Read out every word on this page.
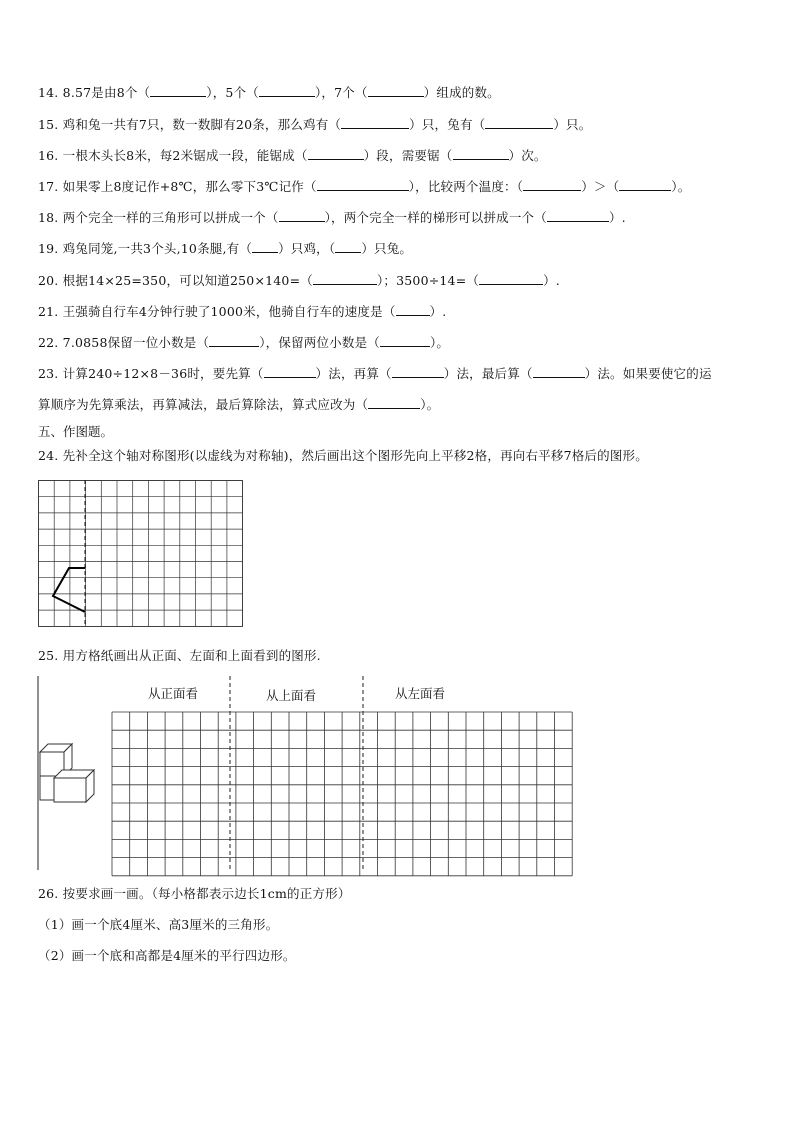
14. 8.57是由8个（	），5个（	），7个（	）组成的数。
15. 鸡和兔一共有7只，数一数脚有20条，那么鸡有（	）只，兔有（	）只。
16. 一根木头长8米，每2米锯成一段，能锯成（	）段，需要锯（	）次。
17. 如果零上8度记作+8℃，那么零下3℃记作（	），比较两个温度：（	）＞（	）。
18. 两个完全一样的三角形可以拼成一个（	），两个完全一样的梯形可以拼成一个（	）.
19. 鸡兔同笼,一共3个头,10条腿,有（ ）只鸡，（ ）只兔。
20. 根据14×25=350，可以知道250×140=（	）；3500÷14=（	）.
21. 王强骑自行车4分钟行驶了1000米，他骑自行车的速度是（	）.
22. 7.0858保留一位小数是（	），保留两位小数是（	）。
23. 计算240÷12×8－36时，要先算（	）法，再算（	）法，最后算（	）法。如果要使它的运
算顺序为先算乘法，再算减法，最后算除法，算式应改为（	）。
五、作图题。
24. 先补全这个轴对称图形(以虚线为对称轴)，然后画出这个图形先向上平移2格，再向右平移7格后的图形。
25. 用方格纸画出从正面、左面和上面看到的图形.
从正面看	从上面看	从左面看
26. 按要求画一画。（每小格都表示边长1cm的正方形）
（1）画一个底4厘米、高3厘米的三角形。
（2）画一个底和高都是4厘米的平行四边形。
